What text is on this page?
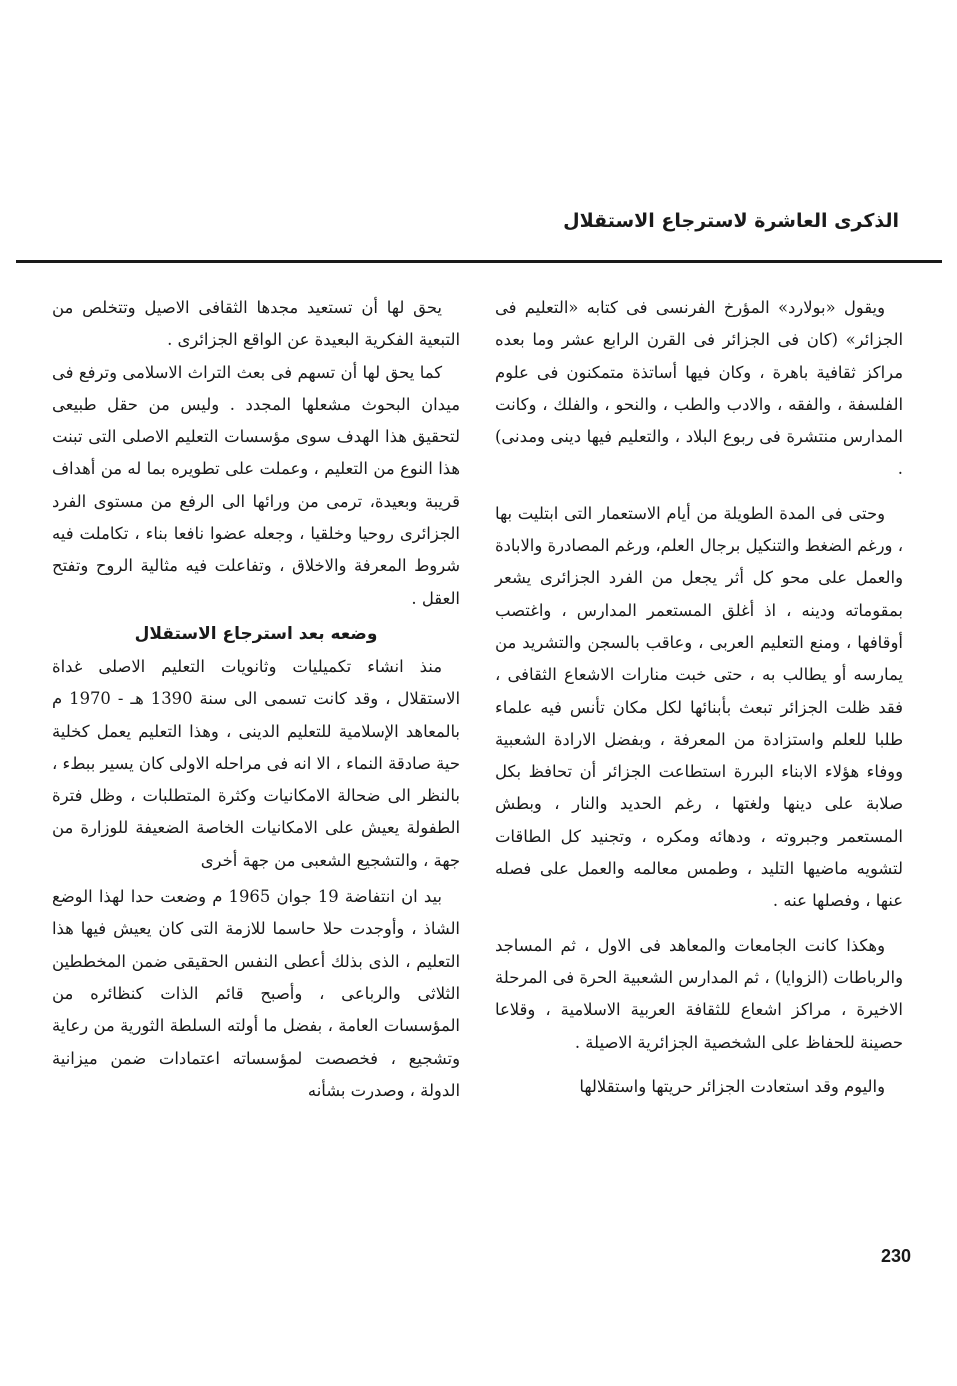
الذكرى العاشرة لاسترجاع الاستقلال

ويقول «بولارد» المؤرخ الفرنسى فى كتابه «التعليم فى الجزائر» (كان فى الجزائر فى القرن الرابع عشر وما بعده مراكز ثقافية باهرة ، وكان فيها أساتذة متمكنون فى علوم الفلسفة ، والفقه ، والادب والطب ، والنحو ، والفلك ، وكانت المدارس منتشرة فى ربوع البلاد ، والتعليم فيها دينى ومدنى) .

وحتى فى المدة الطويلة من أيام الاستعمار التى ابتليت بها ، ورغم الضغط والتنكيل برجال العلم، ورغم المصادرة والابادة والعمل على محو كل أثر يجعل من الفرد الجزائرى يشعر بمقوماته ودينه ، اذ أغلق المستعمر المدارس ، واغتصب أوقافها ، ومنع التعليم العربى ، وعاقب بالسجن والتشريد من يمارسه أو يطالب به ، حتى خبت منارات الاشعاع الثقافى ، فقد ظلت الجزائر تبعث بأبنائها لكل مكان تأنس فيه علماء طلبا للعلم واستزادة من المعرفة ، وبفضل الارادة الشعبية ووفاء هؤلاء الابناء البررة استطاعت الجزائر أن تحافظ بكل صلابة على دينها ولغتها ، رغم الحديد والنار ، وبطش المستعمر وجبروته ، ودهائه ومكره ، وتجنيد كل الطاقات لتشويه ماضيها التليد ، وطمس معالمه والعمل على فصله عنها ، وفصلها عنه .

وهكذا كانت الجامعات والمعاهد فى الاول ، ثم المساجد والرباطات (الزوايا) ، ثم المدارس الشعبية الحرة فى المرحلة الاخيرة ، مراكز اشعاع للثقافة العربية الاسلامية ، وقلاعا حصينة للحفاظ على الشخصية الجزائرية الاصيلة .

واليوم وقد استعادت الجزائر حريتها واستقلالها

يحق لها أن تستعيد مجدها الثقافى الاصيل وتتخلص من التبعية الفكرية البعيدة عن الواقع الجزائرى .

كما يحق لها أن تسهم فى بعث التراث الاسلامى وترفع فى ميدان البحوث مشعلها المجدد . وليس من حقل طبيعى لتحقيق هذا الهدف سوى مؤسسات التعليم الاصلى التى تبنت هذا النوع من التعليم ، وعملت على تطويره بما له من أهداف قريبة وبعيدة، ترمى من ورائها الى الرفع من مستوى الفرد الجزائرى روحيا وخلقيا ، وجعله عضوا نافعا بناء ، تكاملت فيه شروط المعرفة والاخلاق ، وتفاعلت فيه مثالية الروح وتفتح العقل .

وضعه بعد استرجاع الاستقلال

منذ انشاء تكميليات وثانويات التعليم الاصلى غداة الاستقلال ، وقد كانت تسمى الى سنة 1390 هـ - 1970 م بالمعاهد الإسلامية للتعليم الدينى ، وهذا التعليم يعمل كخلية حية صادقة النماء ، الا انه فى مراحله الاولى كان يسير ببطء ، بالنظر الى ضحالة الامكانيات وكثرة المتطلبات ، وظل فترة الطفولة يعيش على الامكانيات الخاصة الضعيفة للوزارة من جهة ، والتشجيع الشعبى من جهة أخرى

بيد ان انتفاضة 19 جوان 1965 م وضعت حدا لهذا الوضع الشاذ ، وأوجدت حلا حاسما للازمة التى كان يعيش فيها هذا التعليم ، الذى بذلك أعطى النفس الحقيقى ضمن المخططين الثلاثى والرباعى ، وأصبح قائم الذات كنظائره من المؤسسات العامة ، بفضل ما أولته السلطة الثورية من رعاية وتشجيع ، فخصصت لمؤسساته اعتمادات ضمن ميزانية الدولة ، وصدرت بشأنه

230
